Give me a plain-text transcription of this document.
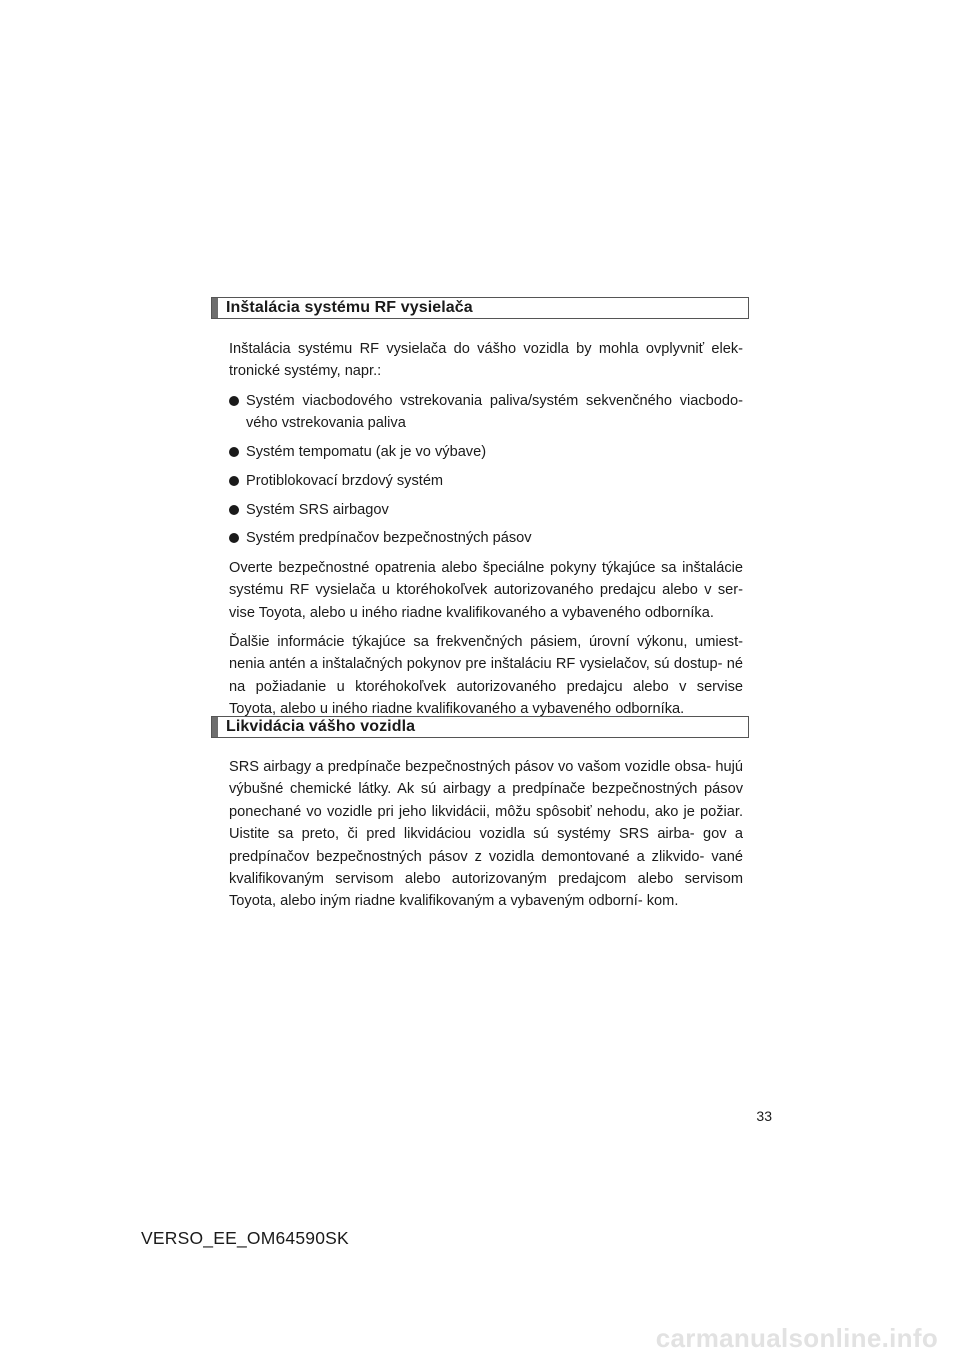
Inštalácia systému RF vysielača

Inštalácia systému RF vysielača do vášho vozidla by mohla ovplyvniť elek- tronické systémy, napr.:

Systém viacbodového vstrekovania paliva/systém sekvenčného viacbodo- vého vstrekovania paliva
Systém tempomatu (ak je vo výbave)
Protiblokovací brzdový systém
Systém SRS airbagov
Systém predpínačov bezpečnostných pásov

Overte bezpečnostné opatrenia alebo špeciálne pokyny týkajúce sa inštalácie systému RF vysielača u ktoréhokoľvek autorizovaného predajcu alebo v ser- vise Toyota, alebo u iného riadne kvalifikovaného a vybaveného odborníka.

Ďalšie informácie týkajúce sa frekvenčných pásiem, úrovní výkonu, umiest- nenia antén a inštalačných pokynov pre inštaláciu RF vysielačov, sú dostup- né na požiadanie u ktoréhokoľvek autorizovaného predajcu alebo v servise Toyota, alebo u iného riadne kvalifikovaného a vybaveného odborníka.

Likvidácia vášho vozidla

SRS airbagy a predpínače bezpečnostných pásov vo vašom vozidle obsa- hujú výbušné chemické látky. Ak sú airbagy a predpínače bezpečnostných pásov ponechané vo vozidle pri jeho likvidácii, môžu spôsobiť nehodu, ako je požiar. Uistite sa preto, či pred likvidáciou vozidla sú systémy SRS airba- gov a predpínačov bezpečnostných pásov z vozidla demontované a zlikvido- vané kvalifikovaným servisom alebo autorizovaným predajcom alebo servisom Toyota, alebo iným riadne kvalifikovaným a vybaveným odborní- kom.

33
VERSO_EE_OM64590SK
carmanualsonline.info
